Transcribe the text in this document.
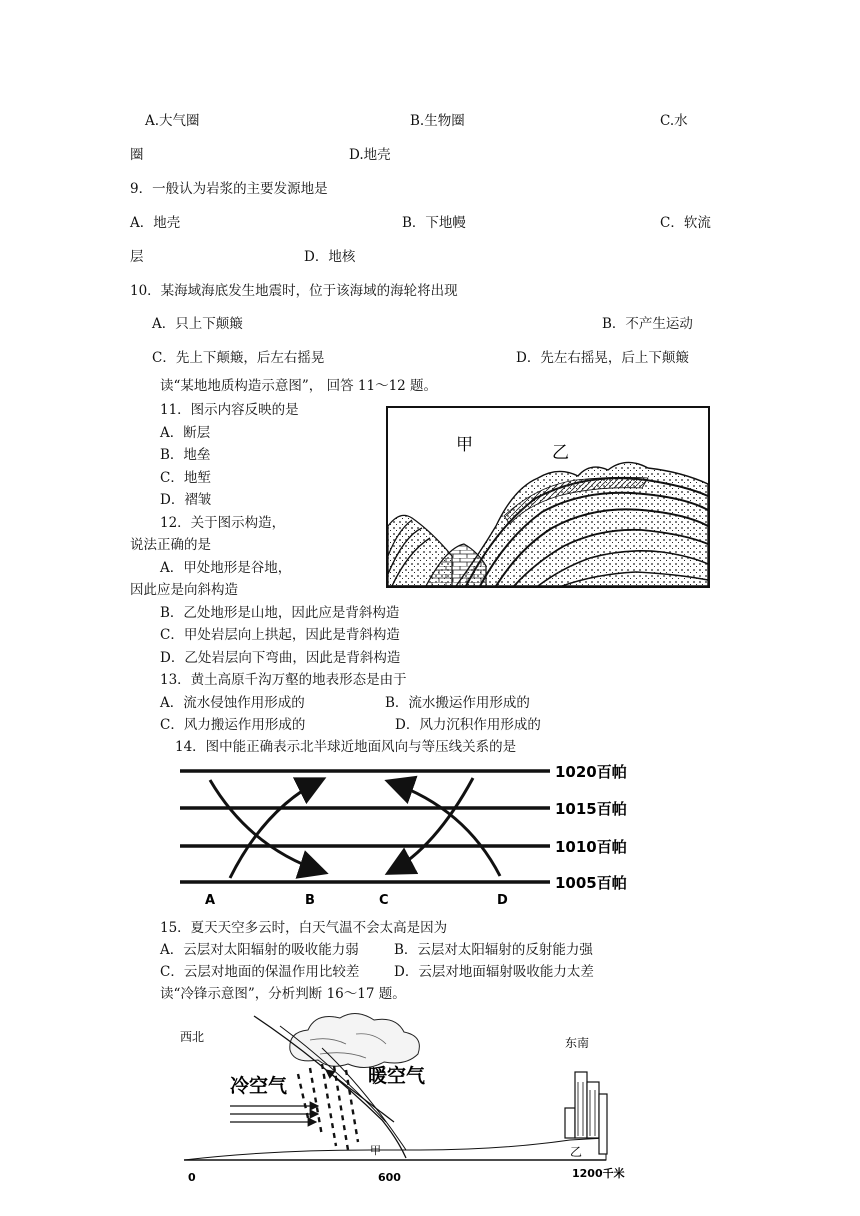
A.大气圈	B.生物圈	C.水
圈	D.地壳
9．一般认为岩浆的主要发源地是
A．地壳	B．下地幔	C．软流
层	D．地核
10．某海域海底发生地震时，位于该海域的海轮将出现
A．只上下颠簸	B．不产生运动
C．先上下颠簸，后左右摇晃	D．先左右摇晃，后上下颠簸
读“某地地质构造示意图”， 回答 11～12 题。
11．图示内容反映的是
A．断层
B．地垒
C．地堑
D．褶皱
12．关于图示构造，
说法正确的是
A．甲处地形是谷地，
因此应是向斜构造
B．乙处地形是山地，因此应是背斜构造
C．甲处岩层向上拱起，因此是背斜构造
D．乙处岩层向下弯曲，因此是背斜构造
甲	乙
13．黄土高原千沟万壑的地表形态是由于
A．流水侵蚀作用形成的	B．流水搬运作用形成的
C．风力搬运作用形成的	D．风力沉积作用形成的
14．图中能正确表示北半球近地面风向与等压线关系的是
1020百帕
1015百帕
1010百帕
1005百帕
A	B	C	D
15．夏天天空多云时，白天气温不会太高是因为
A．云层对太阳辐射的吸收能力弱	B．云层对太阳辐射的反射能力强
C．云层对地面的保温作用比较差	D．云层对地面辐射吸收能力太差
读“冷锋示意图”，分析判断 16～17 题。
西北	东南
冷空气	暖空气
甲	乙
0	600	1200千米
